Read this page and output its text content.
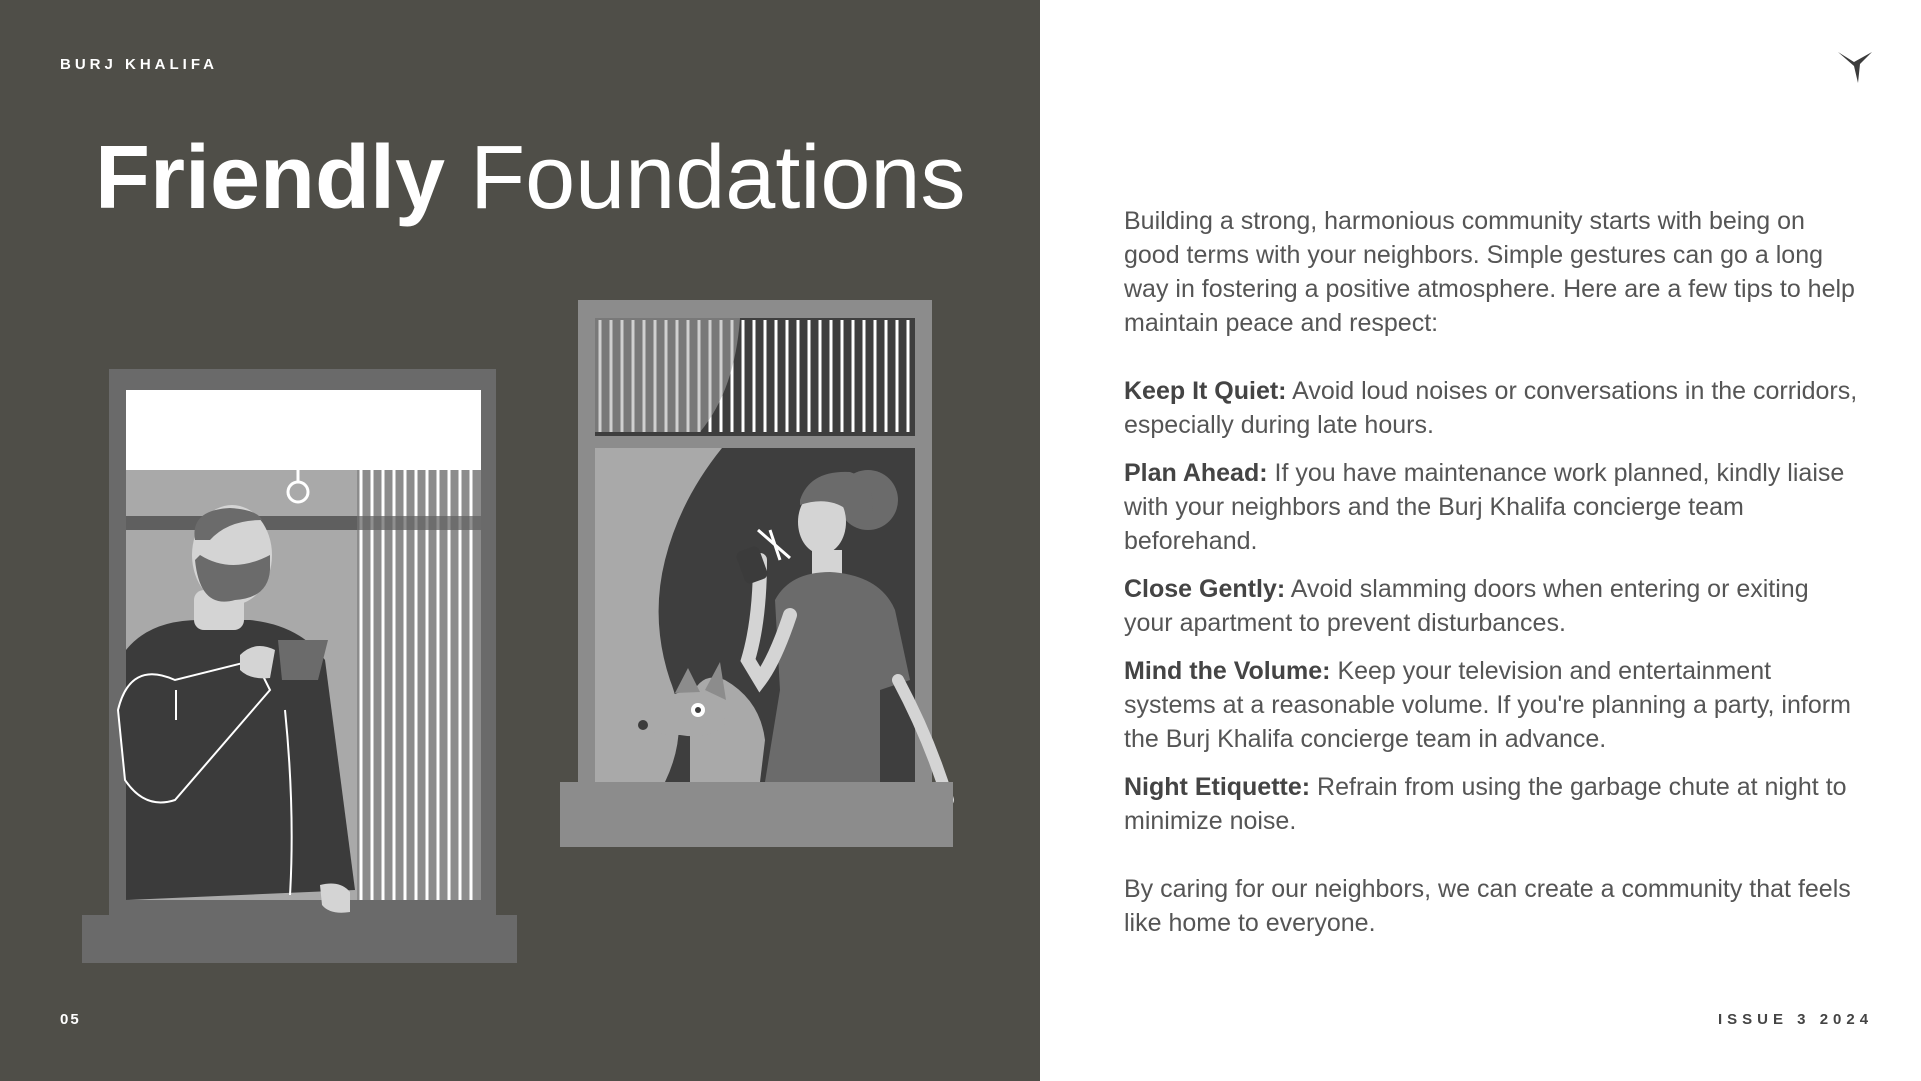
BURJ KHALIFA
Friendly Foundations
05

Building a strong, harmonious community starts with being on good terms with your neighbors. Simple gestures can go a long way in fostering a positive atmosphere. Here are a few tips to help maintain peace and respect:

Keep It Quiet: Avoid loud noises or conversations in the corridors, especially during late hours.

Plan Ahead: If you have maintenance work planned, kindly liaise with your neighbors and the Burj Khalifa concierge team beforehand.

Close Gently: Avoid slamming doors when entering or exiting your apartment to prevent disturbances.

Mind the Volume: Keep your television and entertainment systems at a reasonable volume. If you're planning a party, inform the Burj Khalifa concierge team in advance.

Night Etiquette: Refrain from using the garbage chute at night to minimize noise.

By caring for our neighbors, we can create a community that feels like home to everyone.

ISSUE 3 2024
